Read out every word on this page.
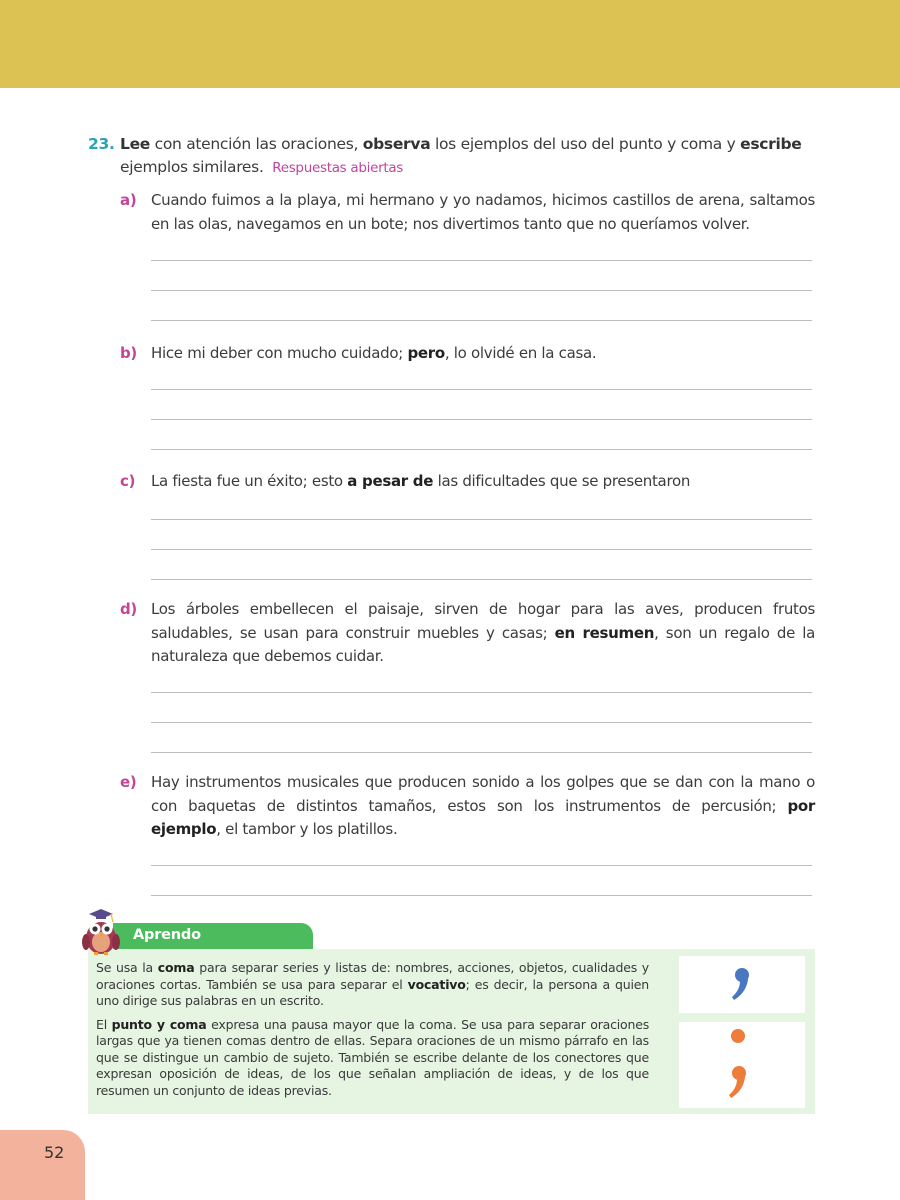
23. Lee con atención las oraciones, observa los ejemplos del uso del punto y coma y escribe ejemplos similares. Respuestas abiertas
a) Cuando fuimos a la playa, mi hermano y yo nadamos, hicimos castillos de arena, saltamos en las olas, navegamos en un bote; nos divertimos tanto que no queríamos volver.
b) Hice mi deber con mucho cuidado; pero, lo olvidé en la casa.
c)	La fiesta fue un éxito; esto a pesar de las dificultades que se presentaron
d) Los árboles embellecen el paisaje, sirven de hogar para las aves, producen frutos saludables, se usan para construir muebles y casas; en resumen, son un regalo de la naturaleza que debemos cuidar.
e) Hay instrumentos musicales que producen sonido a los golpes que se dan con la mano o con baquetas de distintos tamaños, estos son los instrumentos de percusión; por ejemplo, el tambor y los platillos.
Aprendo

Se usa la coma para separar series y listas de: nombres, acciones, objetos, cualidades y oraciones cortas. También se usa para separar el vocativo; es decir, la persona a quien uno dirige sus palabras en un escrito.

El punto y coma expresa una pausa mayor que la coma. Se usa para separar oraciones largas que ya tienen comas dentro de ellas. Separa oraciones de un mismo párrafo en las que se distingue un cambio de sujeto. También se escribe delante de los conectores que expresan oposición de ideas, de los que señalan ampliación de ideas, y de los que resumen un conjunto de ideas previas.

52
